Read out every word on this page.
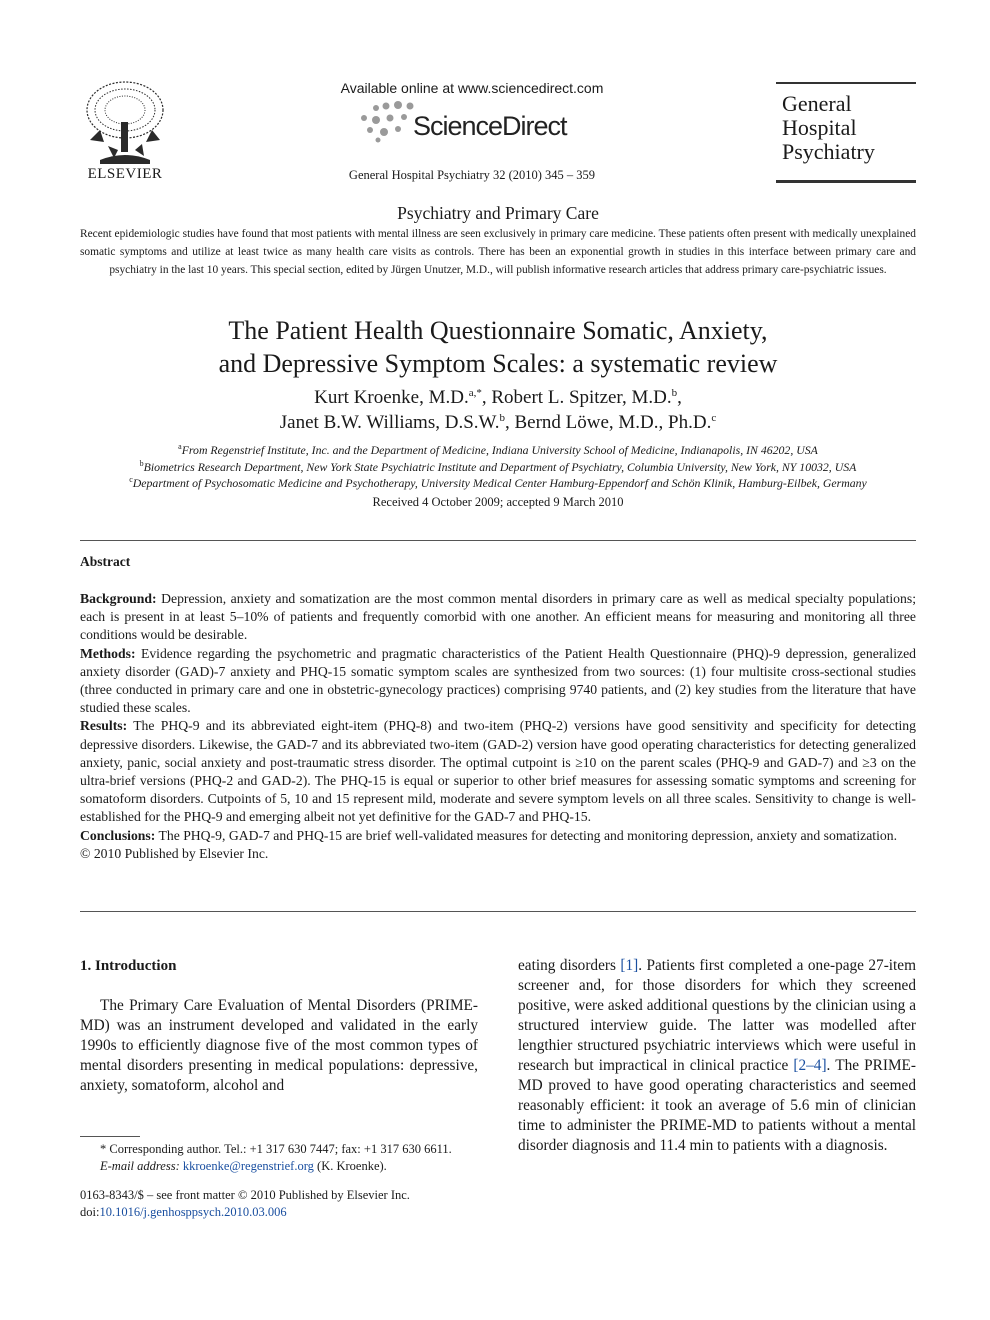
ELSEVIER
Available online at www.sciencedirect.com
ScienceDirect
General Hospital Psychiatry 32 (2010) 345 – 359
General
Hospital
Psychiatry
Psychiatry and Primary Care
Recent epidemiologic studies have found that most patients with mental illness are seen exclusively in primary care medicine. These patients often present with medically unexplained somatic symptoms and utilize at least twice as many health care visits as controls. There has been an exponential growth in studies in this interface between primary care and psychiatry in the last 10 years. This special section, edited by Jürgen Unutzer, M.D., will publish informative research articles that address primary care-psychiatric issues.
The Patient Health Questionnaire Somatic, Anxiety,
and Depressive Symptom Scales: a systematic review
Kurt Kroenke, M.D.$^{a,*}$, Robert L. Spitzer, M.D.$^b$,
Janet B.W. Williams, D.S.W.$^b$, Bernd Löwe, M.D., Ph.D.$^c$
$^a$From Regenstrief Institute, Inc. and the Department of Medicine, Indiana University School of Medicine, Indianapolis, IN 46202, USA
$^b$Biometrics Research Department, New York State Psychiatric Institute and Department of Psychiatry, Columbia University, New York, NY 10032, USA
$^c$Department of Psychosomatic Medicine and Psychotherapy, University Medical Center Hamburg-Eppendorf and Schön Klinik, Hamburg-Eilbek, Germany
Received 4 October 2009; accepted 9 March 2010
Abstract

Background: Depression, anxiety and somatization are the most common mental disorders in primary care as well as medical specialty populations; each is present in at least 5–10% of patients and frequently comorbid with one another. An efficient means for measuring and monitoring all three conditions would be desirable.

Methods: Evidence regarding the psychometric and pragmatic characteristics of the Patient Health Questionnaire (PHQ)-9 depression, generalized anxiety disorder (GAD)-7 anxiety and PHQ-15 somatic symptom scales are synthesized from two sources: (1) four multisite cross-sectional studies (three conducted in primary care and one in obstetric-gynecology practices) comprising 9740 patients, and (2) key studies from the literature that have studied these scales.

Results: The PHQ-9 and its abbreviated eight-item (PHQ-8) and two-item (PHQ-2) versions have good sensitivity and specificity for detecting depressive disorders. Likewise, the GAD-7 and its abbreviated two-item (GAD-2) version have good operating characteristics for detecting generalized anxiety, panic, social anxiety and post-traumatic stress disorder. The optimal cutpoint is ≥10 on the parent scales (PHQ-9 and GAD-7) and ≥3 on the ultra-brief versions (PHQ-2 and GAD-2). The PHQ-15 is equal or superior to other brief measures for assessing somatic symptoms and screening for somatoform disorders. Cutpoints of 5, 10 and 15 represent mild, moderate and severe symptom levels on all three scales. Sensitivity to change is well-established for the PHQ-9 and emerging albeit not yet definitive for the GAD-7 and PHQ-15.

Conclusions: The PHQ-9, GAD-7 and PHQ-15 are brief well-validated measures for detecting and monitoring depression, anxiety and somatization.

© 2010 Published by Elsevier Inc.

1. Introduction

The Primary Care Evaluation of Mental Disorders (PRIME-MD) was an instrument developed and validated in the early 1990s to efficiently diagnose five of the most common types of mental disorders presenting in medical populations: depressive, anxiety, somatoform, alcohol and

eating disorders [1]. Patients first completed a one-page 27-item screener and, for those disorders for which they screened positive, were asked additional questions by the clinician using a structured interview guide. The latter was modelled after lengthier structured psychiatric interviews which were useful in research but impractical in clinical practice [2–4]. The PRIME-MD proved to have good operating characteristics and seemed reasonably efficient: it took an average of 5.6 min of clinician time to administer the PRIME-MD to patients without a mental disorder diagnosis and 11.4 min to patients with a diagnosis.

* Corresponding author. Tel.: +1 317 630 7447; fax: +1 317 630 6611.

E-mail address: kkroenke@regenstrief.org (K. Kroenke).

0163-8343/$ – see front matter © 2010 Published by Elsevier Inc.

doi:10.1016/j.genhosppsych.2010.03.006
